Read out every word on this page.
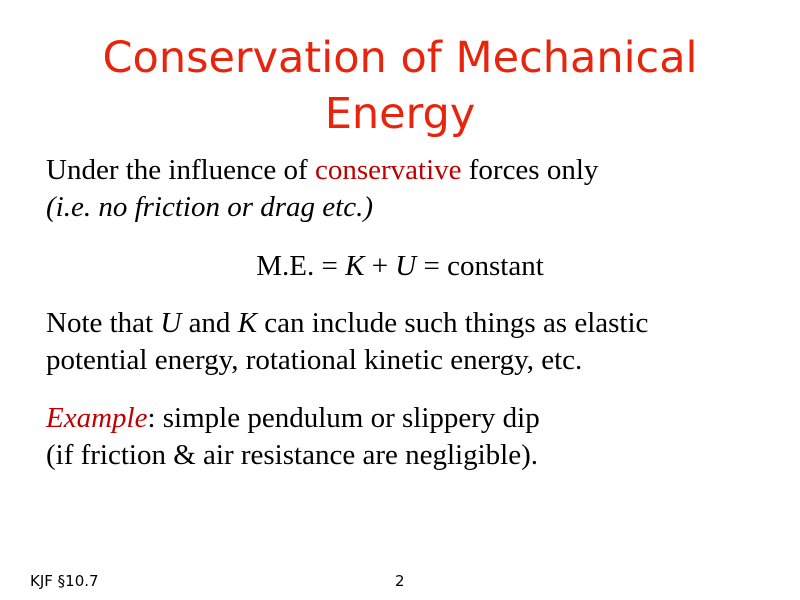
Conservation of Mechanical
Energy
Under the influence of conservative forces only
(i.e. no friction or drag etc.)
M.E. = K + U = constant
Note that U and K can include such things as elastic
potential energy, rotational kinetic energy, etc.
Example: simple pendulum or slippery dip
(if friction & air resistance are negligible).
KJF §10.7	2
